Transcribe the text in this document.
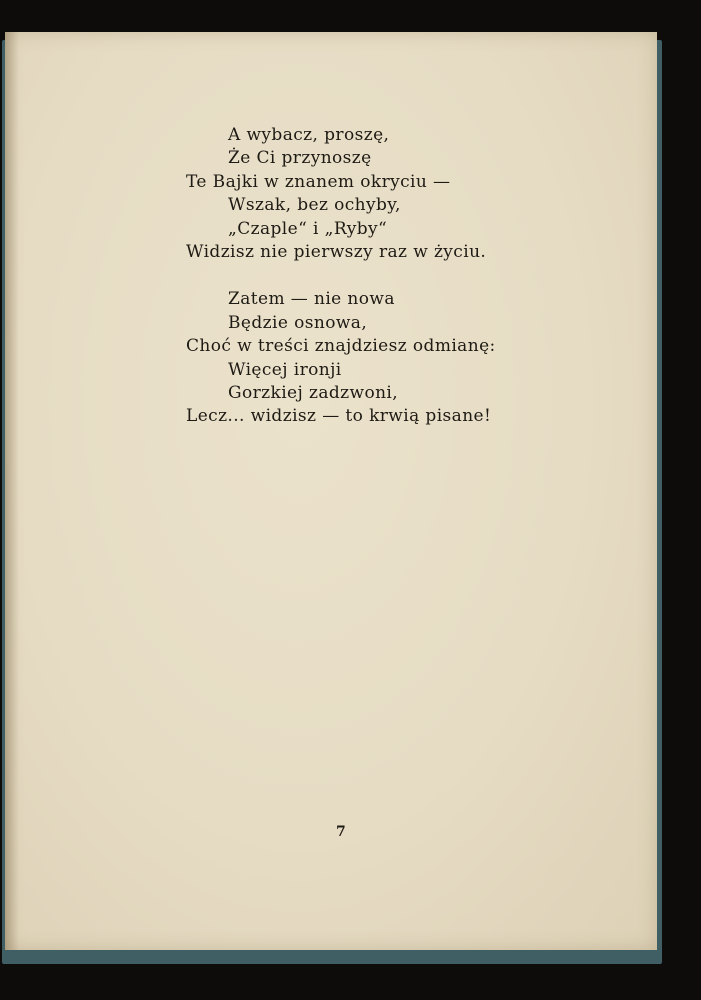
A wybacz, proszę,
Że Ci przynoszę
Te Bajki w znanem okryciu —
Wszak, bez ochyby,
„Czaple“ i „Ryby“
Widzisz nie pierwszy raz w życiu.
Zatem — nie nowa
Będzie osnowa,
Choć w treści znajdziesz odmianę:
Więcej ironji
Gorzkiej zadzwoni,
Lecz... widzisz — to krwią pisane!
7
